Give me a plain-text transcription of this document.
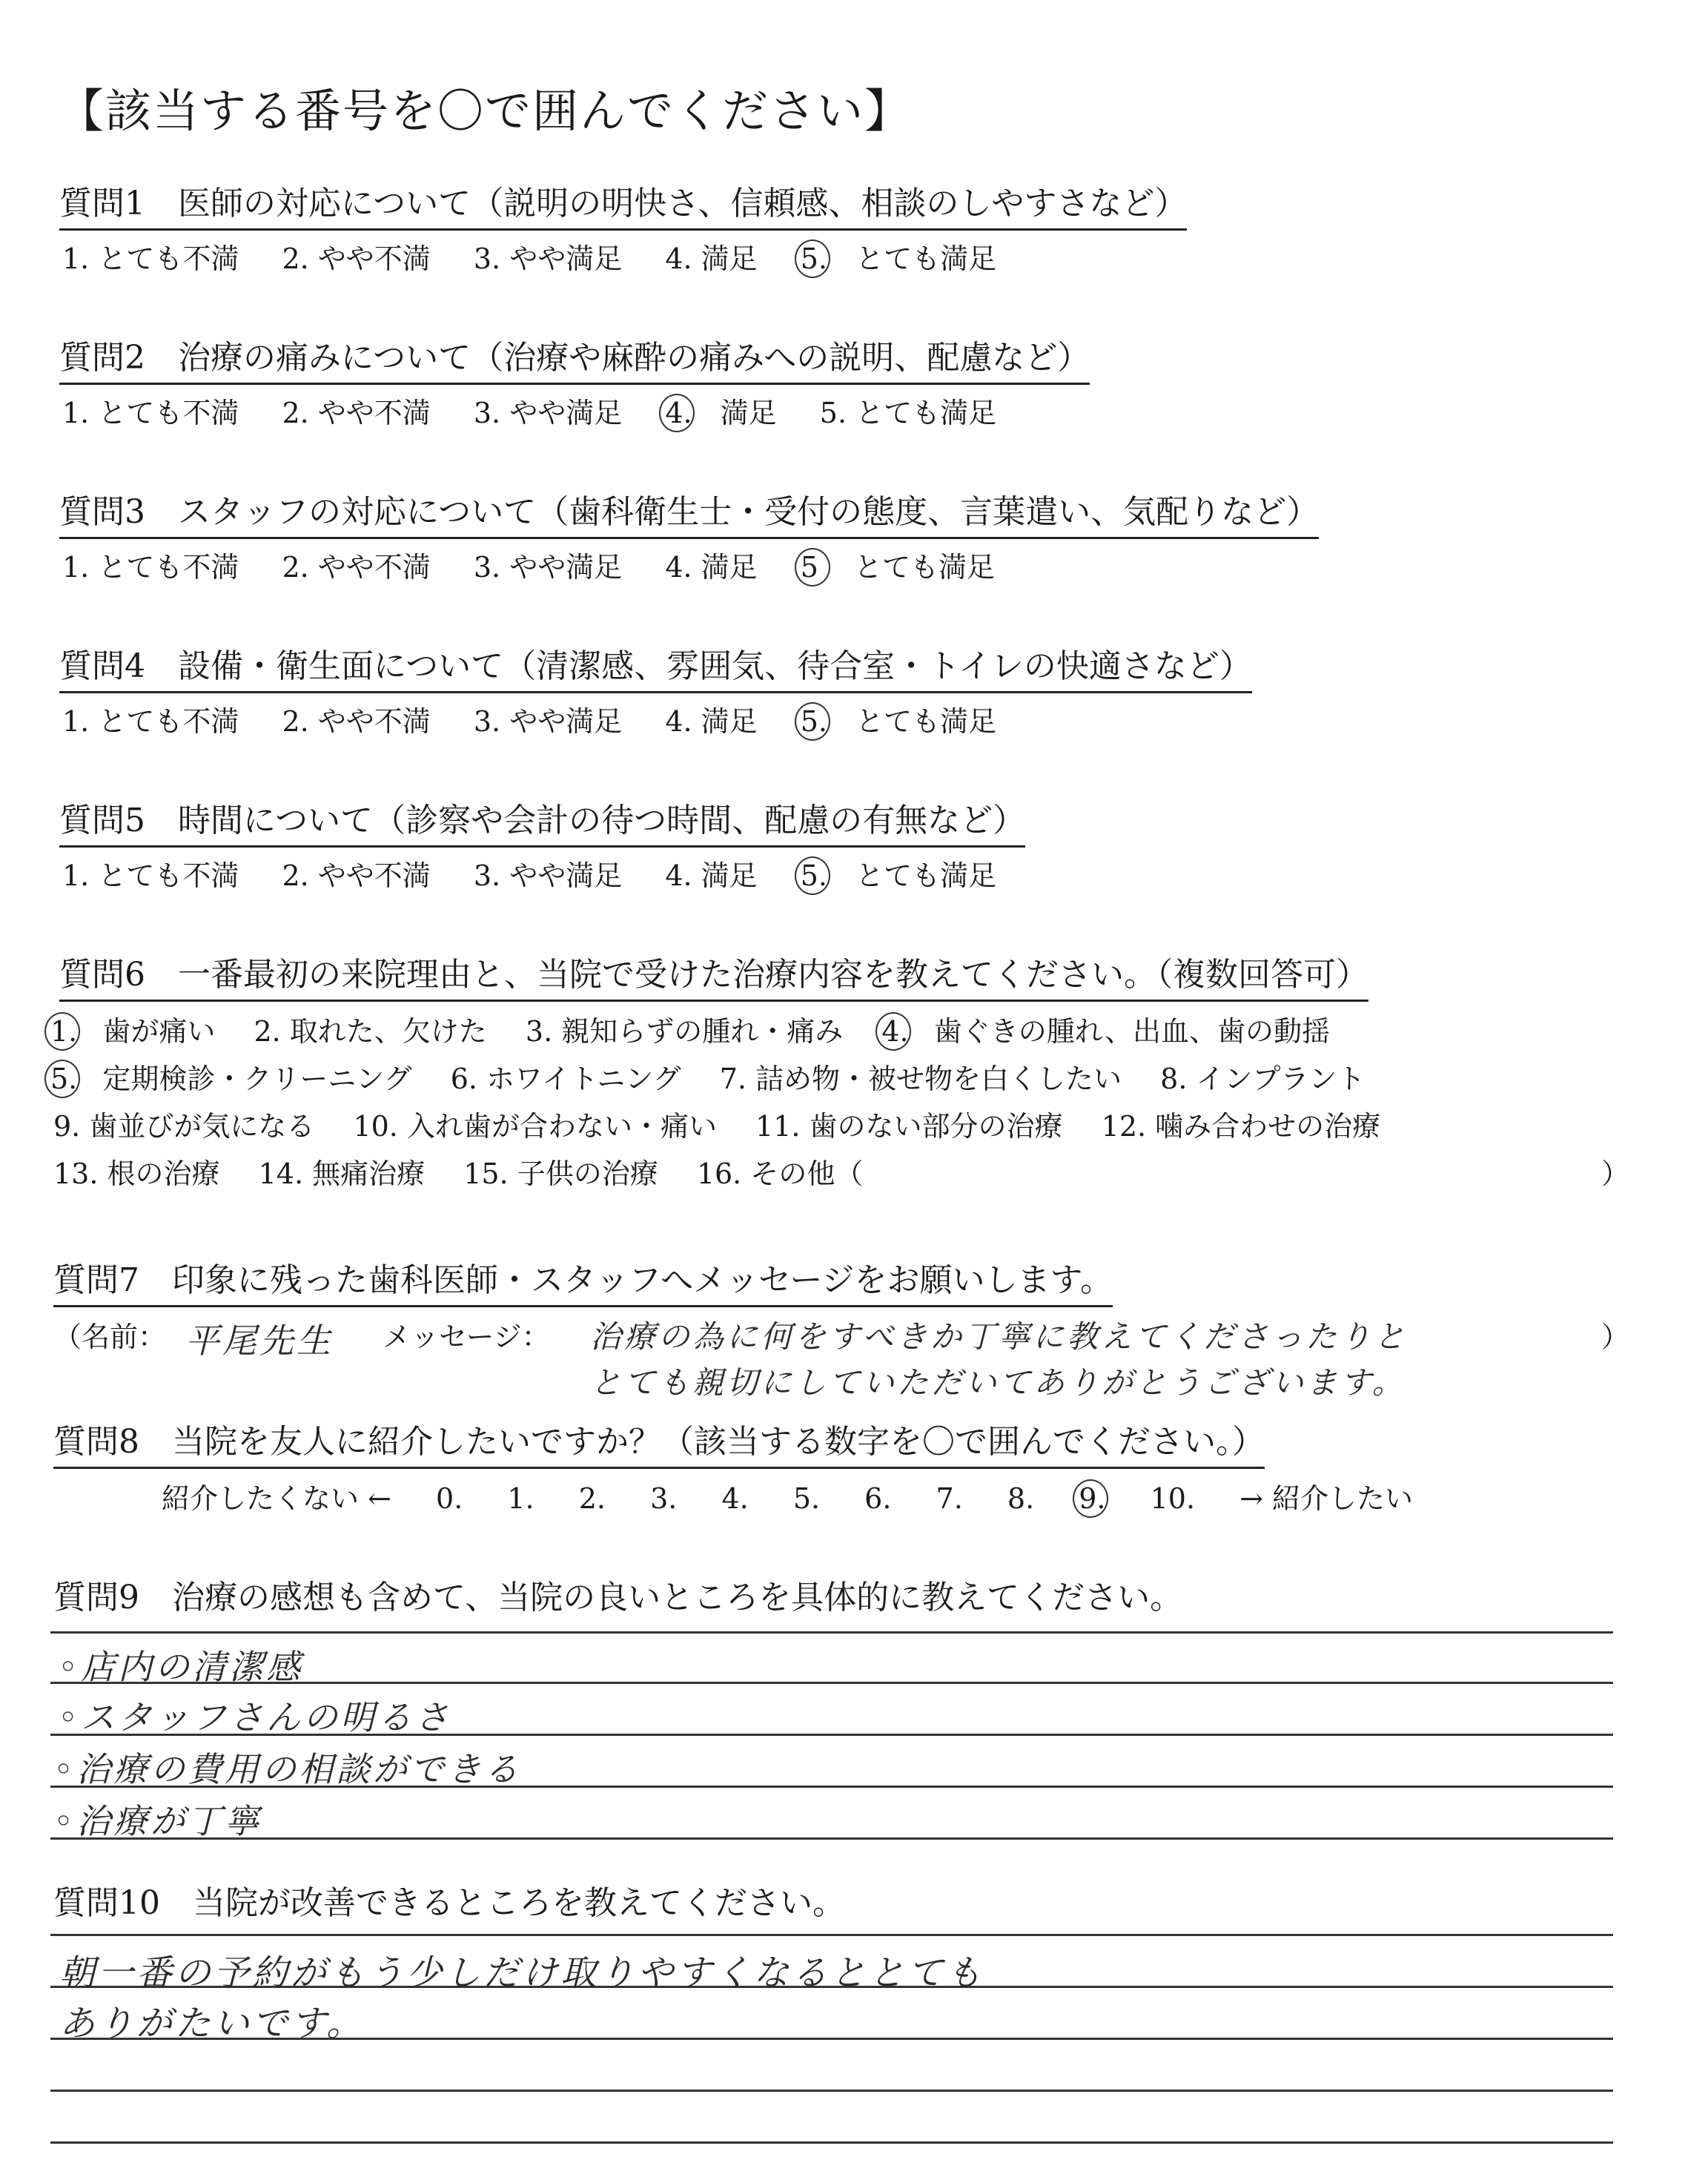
【該当する番号を〇で囲んでください】
質問1　医師の対応について（説明の明快さ、信頼感、相談のしやすさなど）
1. とても不満 2. やや不満 3. やや満足 4. 満足 5. とても満足
質問2　治療の痛みについて（治療や麻酔の痛みへの説明、配慮など）
1. とても不満 2. やや不満 3. やや満足 4. 満足 5. とても満足
質問3　スタッフの対応について（歯科衛生士・受付の態度、言葉遣い、気配りなど）
1. とても不満 2. やや不満 3. やや満足 4. 満足 5 とても満足
質問4　設備・衛生面について（清潔感、雰囲気、待合室・トイレの快適さなど）
1. とても不満 2. やや不満 3. やや満足 4. 満足 5. とても満足
質問5　時間について（診察や会計の待つ時間、配慮の有無など）
1. とても不満 2. やや不満 3. やや満足 4. 満足 5. とても満足
質問6　一番最初の来院理由と、当院で受けた治療内容を教えてください。（複数回答可）
1. 歯が痛い 2. 取れた、欠けた 3. 親知らずの腫れ・痛み 4. 歯ぐきの腫れ、出血、歯の動揺
5. 定期検診・クリーニング 6. ホワイトニング 7. 詰め物・被せ物を白くしたい 8. インプラント
9. 歯並びが気になる 10. 入れ歯が合わない・痛い 11. 歯のない部分の治療 12. 噛み合わせの治療
13. 根の治療 14. 無痛治療 15. 子供の治療 16. その他（	）
質問7　印象に残った歯科医師・スタッフへメッセージをお願いします。
（名前： 平尾先生 メッセージ： 治療の為に何をすべきか丁寧に教えてくださったりと
とても親切にしていただいてありがとうございます。
）
質問8　当院を友人に紹介したいですか？（該当する数字を〇で囲んでください。）
紹介したくない ← 0. 1. 2. 3. 4. 5. 6. 7. 8. 9. 10. → 紹介したい
質問9　治療の感想も含めて、当院の良いところを具体的に教えてください。
◦店内の清潔感
◦スタッフさんの明るさ
◦治療の費用の相談ができる
◦治療が丁寧
質問10　当院が改善できるところを教えてください。
朝一番の予約がもう少しだけ取りやすくなるととても
ありがたいです。
